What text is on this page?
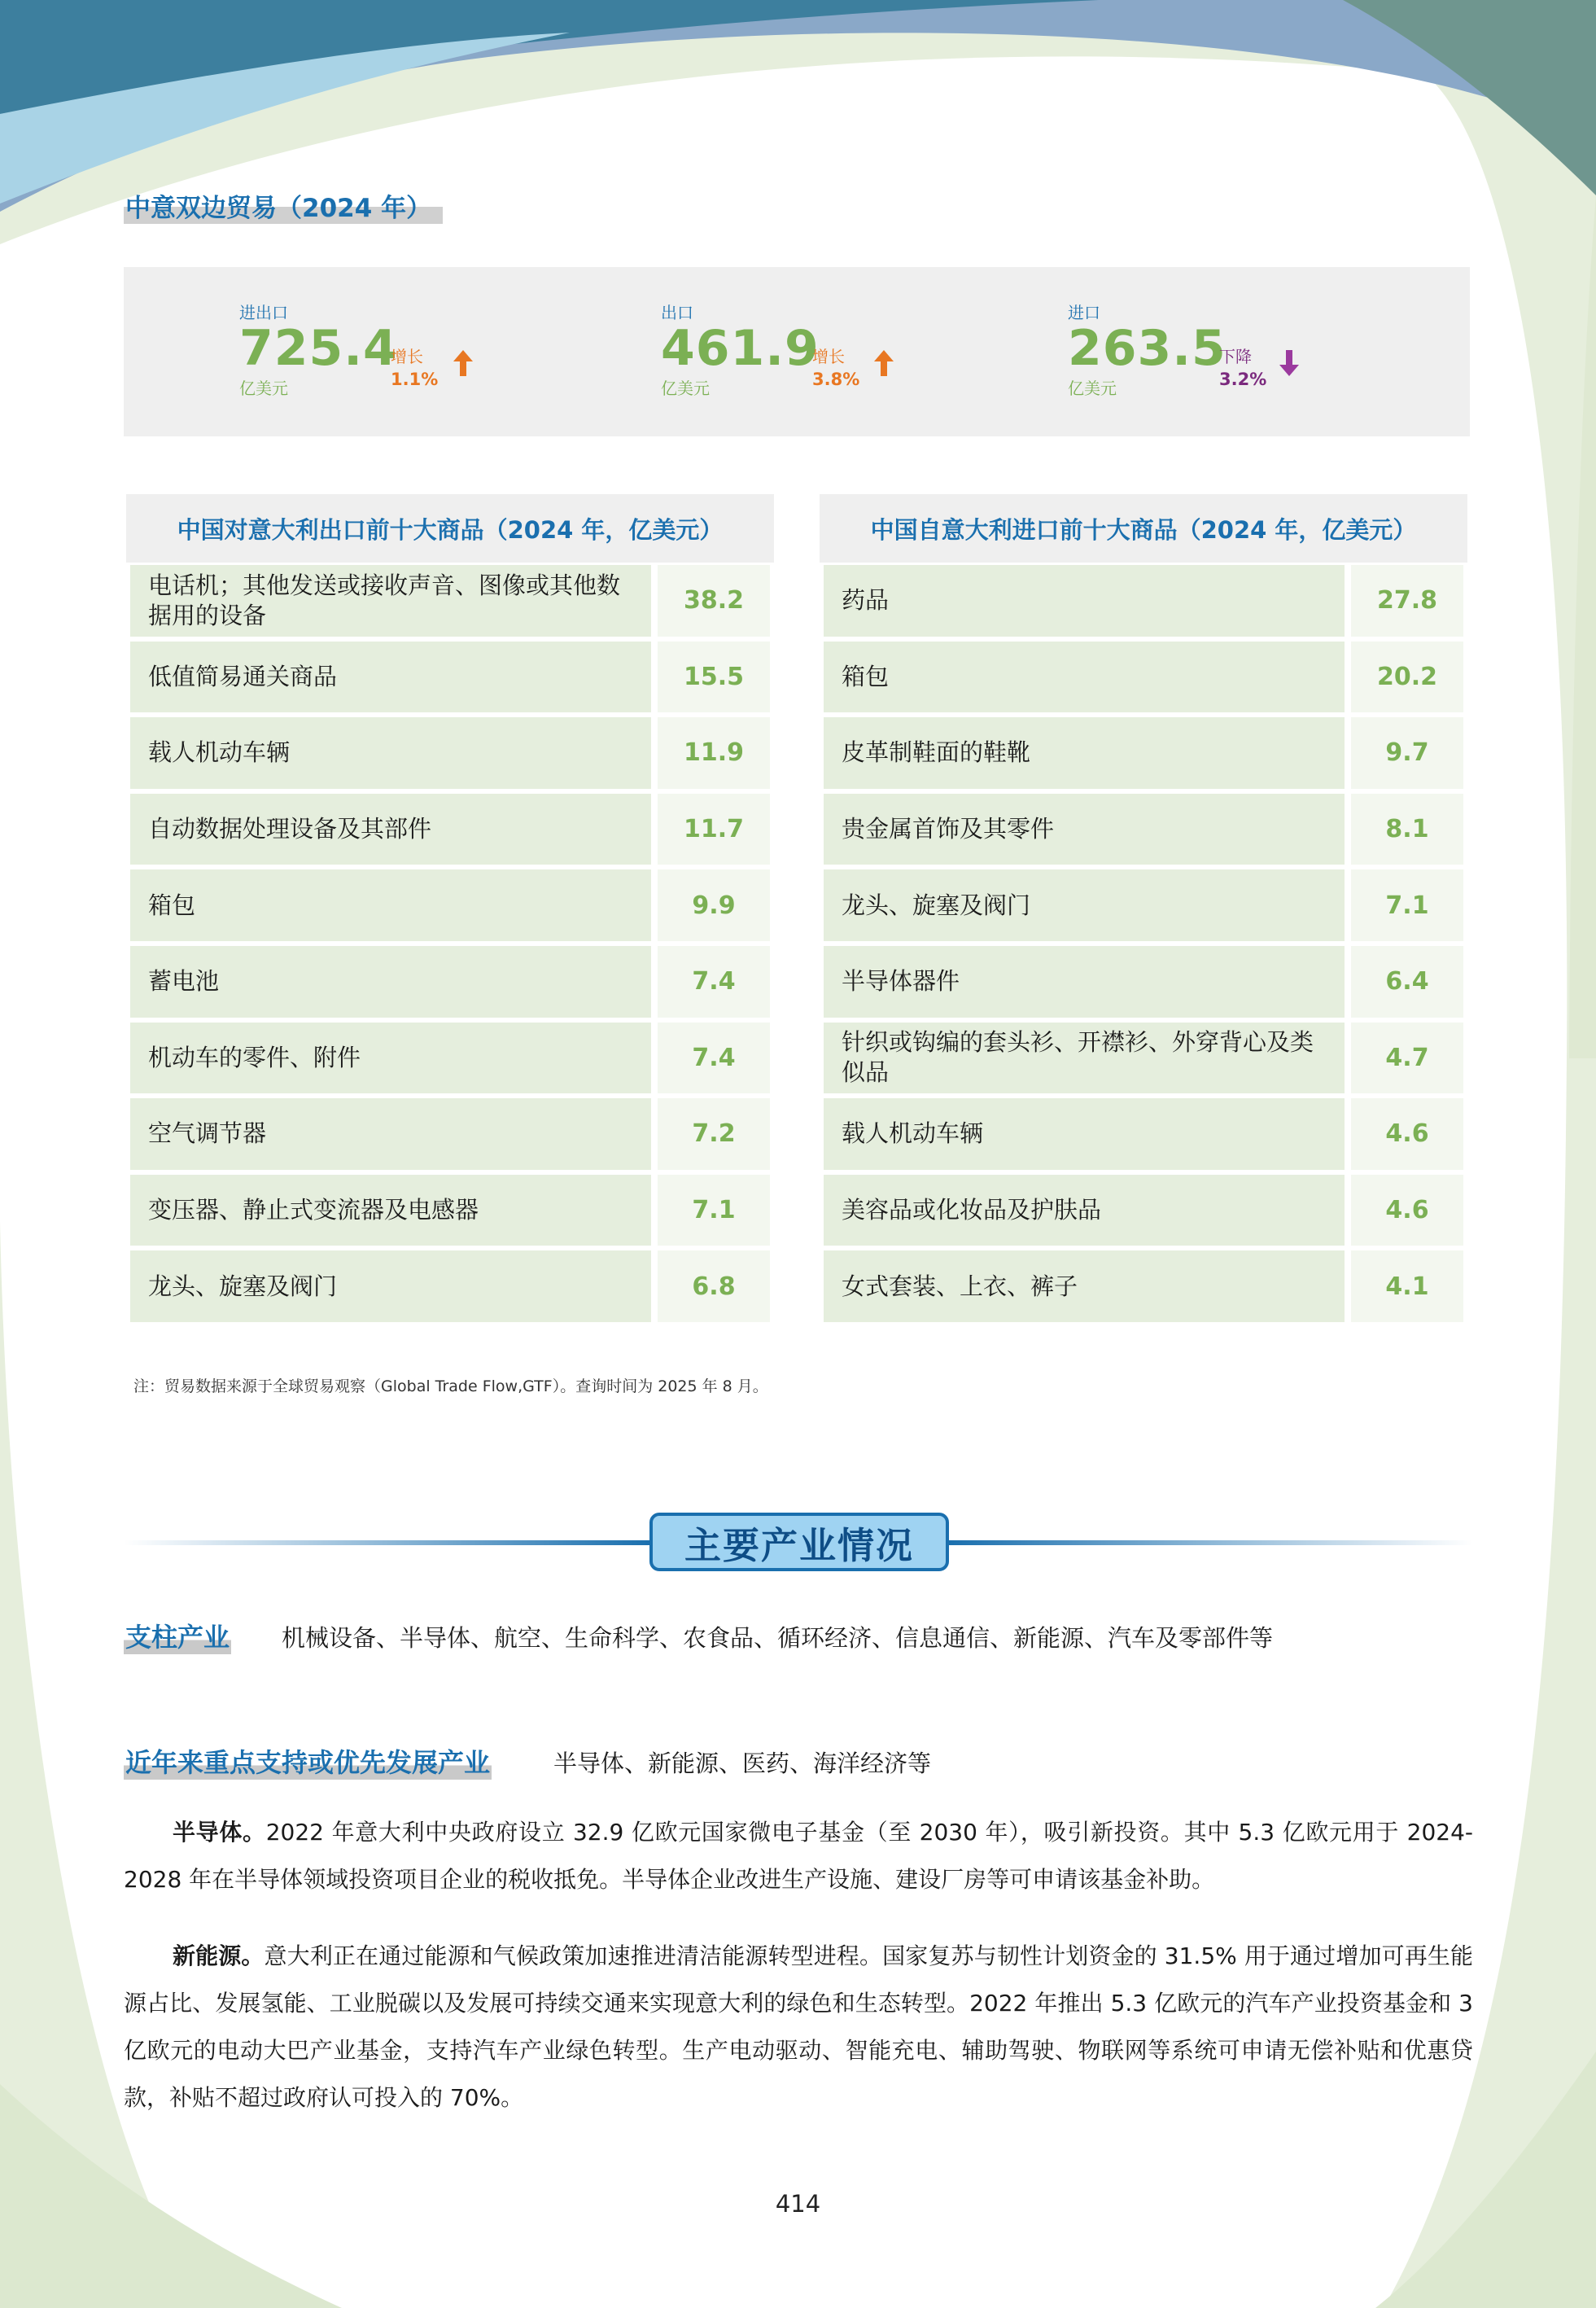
中意双边贸易（2024 年）
进出口
725.4
亿美元
增长
1.1%
出口
461.9
亿美元
增长
3.8%
进口
263.5
亿美元
下降
3.2%
中国对意大利出口前十大商品（2024 年，亿美元）
电话机；其他发送或接收声音、图像或其他数据用的设备
38.2
低值简易通关商品	15.5
载人机动车辆	11.9
自动数据处理设备及其部件	11.7
箱包	9.9
蓄电池	7.4
机动车的零件、附件	7.4
空气调节器	7.2
变压器、静止式变流器及电感器	7.1
龙头、旋塞及阀门	6.8
中国自意大利进口前十大商品（2024 年，亿美元）
药品	27.8
箱包	20.2
皮革制鞋面的鞋靴	9.7
贵金属首饰及其零件	8.1
龙头、旋塞及阀门	7.1
半导体器件	6.4
针织或钩编的套头衫、开襟衫、外穿背心及类似品
4.7
载人机动车辆	4.6
美容品或化妆品及护肤品	4.6
女式套装、上衣、裤子	4.1
注：贸易数据来源于全球贸易观察（Global Trade Flow,GTF）。查询时间为 2025 年 8 月。
主要产业情况
支柱产业 机械设备、半导体、航空、生命科学、农食品、循环经济、信息通信、新能源、汽车及零部件等
近年来重点支持或优先发展产业	半导体、新能源、医药、海洋经济等
半导体。2022 年意大利中央政府设立 32.9 亿欧元国家微电子基金（至 2030 年），吸引新投资。其中 5.3 亿欧元用于 2024-2028 年在半导体领域投资项目企业的税收抵免。半导体企业改进生产设施、建设厂房等可申请该基金补助。
新能源。意大利正在通过能源和气候政策加速推进清洁能源转型进程。国家复苏与韧性计划资金的 31.5% 用于通过增加可再生能源占比、发展氢能、工业脱碳以及发展可持续交通来实现意大利的绿色和生态转型。2022 年推出 5.3 亿欧元的汽车产业投资基金和 3 亿欧元的电动大巴产业基金，支持汽车产业绿色转型。生产电动驱动、智能充电、辅助驾驶、物联网等系统可申请无偿补贴和优惠贷款，补贴不超过政府认可投入的 70%。
414
